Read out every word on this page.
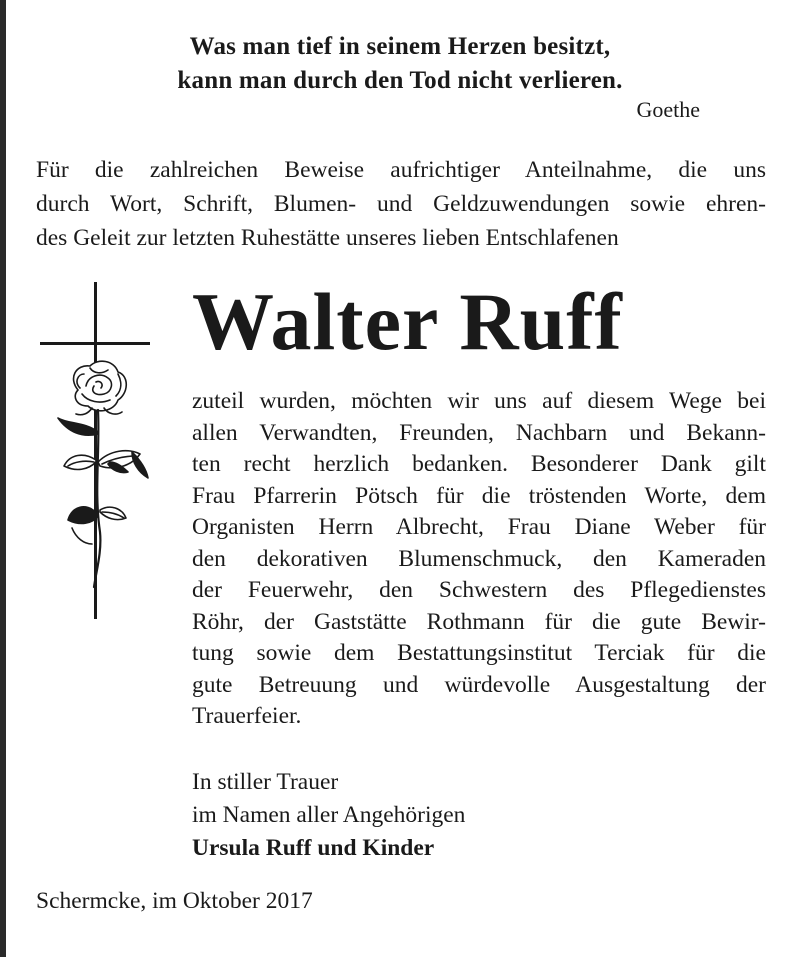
Was man tief in seinem Herzen besitzt,
kann man durch den Tod nicht verlieren.
Goethe
Für die zahlreichen Beweise aufrichtiger Anteilnahme, die uns
durch Wort, Schrift, Blumen- und Geldzuwendungen sowie ehren-
des Geleit zur letzten Ruhestätte unseres lieben Entschlafenen
Walter Ruff
zuteil wurden, möchten wir uns auf diesem Wege bei
allen Verwandten, Freunden, Nachbarn und Bekann-
ten recht herzlich bedanken. Besonderer Dank gilt
Frau Pfarrerin Pötsch für die tröstenden Worte, dem
Organisten Herrn Albrecht, Frau Diane Weber für
den dekorativen Blumenschmuck, den Kameraden
der Feuerwehr, den Schwestern des Pflegedienstes
Röhr, der Gaststätte Rothmann für die gute Bewir-
tung sowie dem Bestattungsinstitut Terciak für die
gute Betreuung und würdevolle Ausgestaltung der
Trauerfeier.
In stiller Trauer
im Namen aller Angehörigen
Ursula Ruff und Kinder
Schermcke, im Oktober 2017
